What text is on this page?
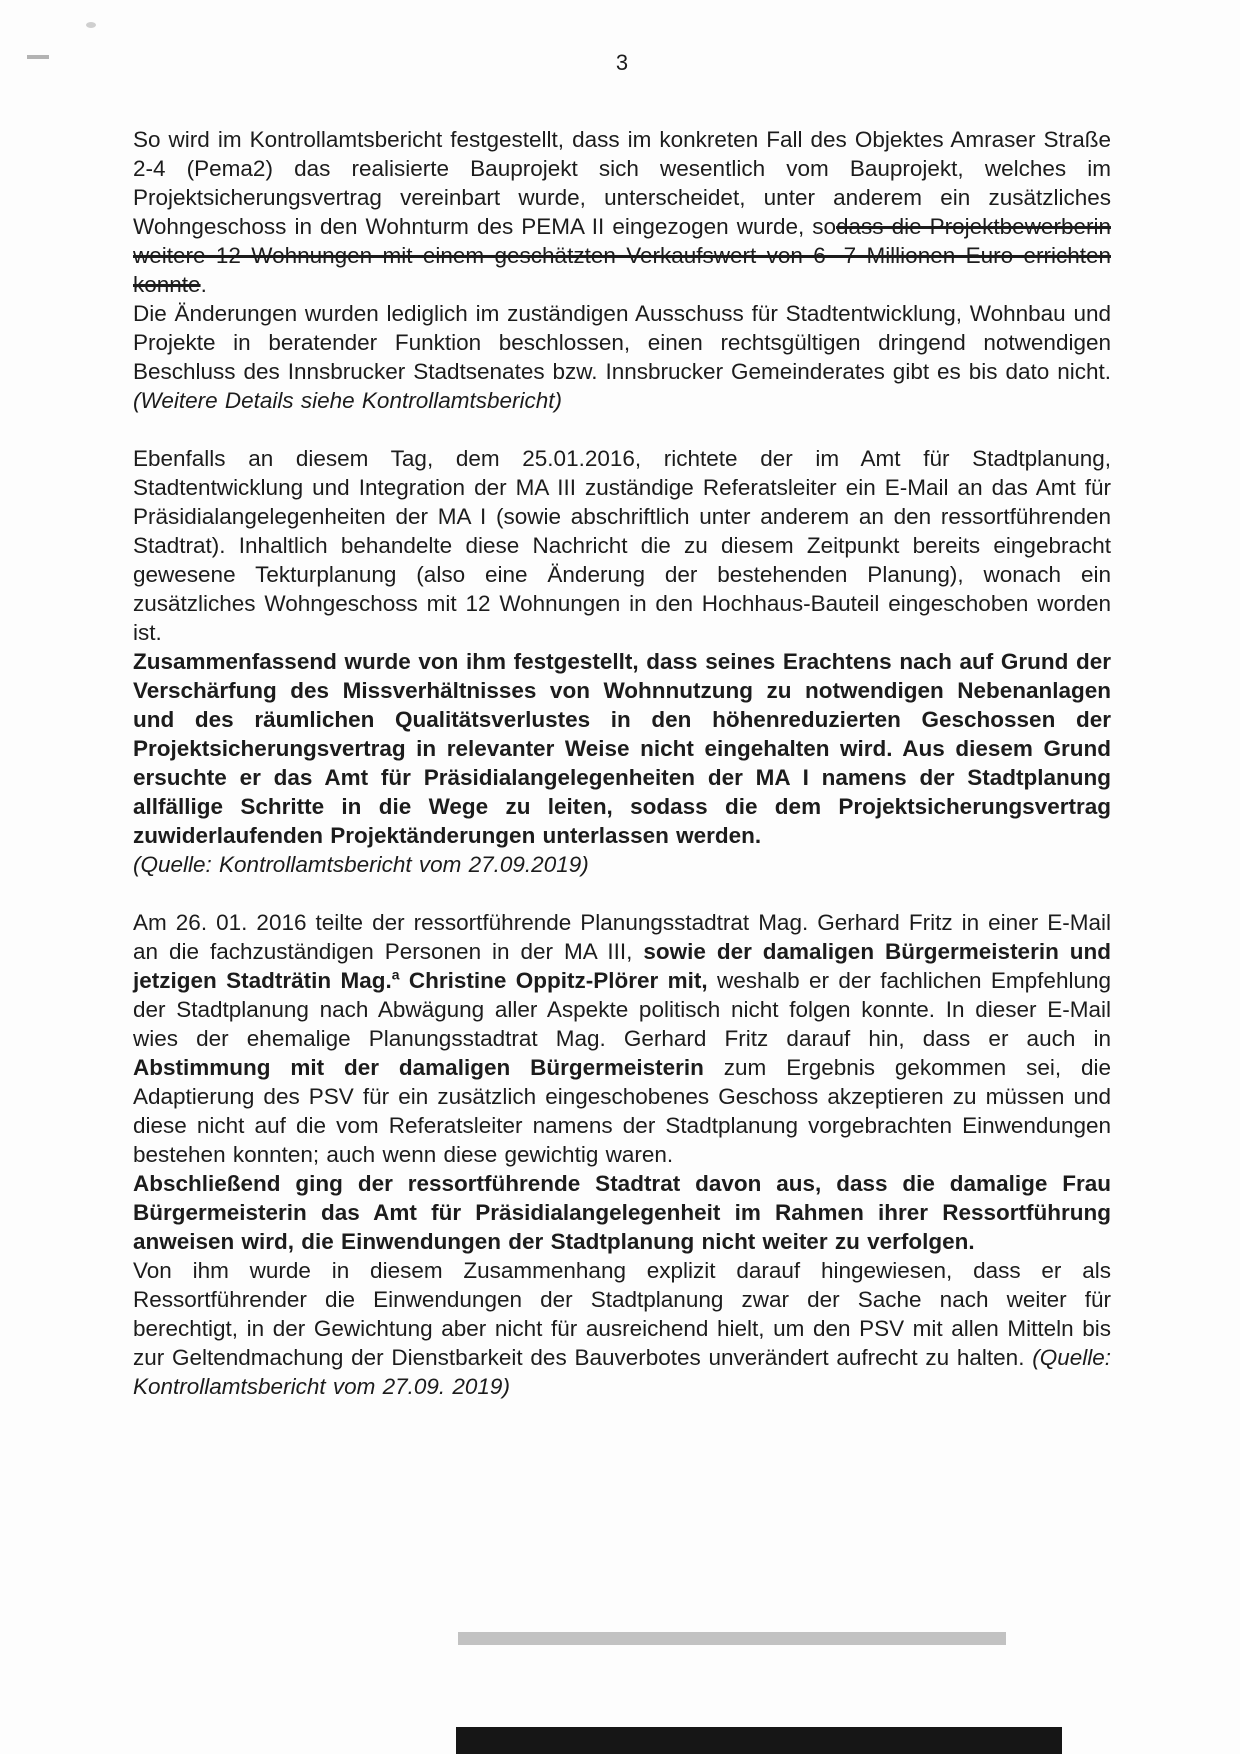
3

So wird im Kontrollamtsbericht festgestellt, dass im konkreten Fall des Objektes Amraser Straße 2-4 (Pema2) das realisierte Bauprojekt sich wesentlich vom Bauprojekt, welches im Projektsicherungsvertrag vereinbart wurde, unterscheidet, unter anderem ein zusätzliches Wohngeschoss in den Wohnturm des PEMA II eingezogen wurde, sodass die Projektbewerberin weitere 12 Wohnungen mit einem geschätzten Verkaufswert von 6 -7 Millionen Euro errichten konnte.

Die Änderungen wurden lediglich im zuständigen Ausschuss für Stadtentwicklung, Wohnbau und Projekte in beratender Funktion beschlossen, einen rechtsgültigen dringend notwendigen Beschluss des Innsbrucker Stadtsenates bzw. Innsbrucker Gemeinderates gibt es bis dato nicht. (Weitere Details siehe Kontrollamtsbericht)

Ebenfalls an diesem Tag, dem 25.01.2016, richtete der im Amt für Stadtplanung, Stadtentwicklung und Integration der MA III zuständige Referatsleiter ein E-Mail an das Amt für Präsidialangelegenheiten der MA I (sowie abschriftlich unter anderem an den ressortführenden Stadtrat). Inhaltlich behandelte diese Nachricht die zu diesem Zeitpunkt bereits eingebracht gewesene Tekturplanung (also eine Änderung der bestehenden Planung), wonach ein zusätzliches Wohngeschoss mit 12 Wohnungen in den Hochhaus-Bauteil eingeschoben worden ist.

Zusammenfassend wurde von ihm festgestellt, dass seines Erachtens nach auf Grund der Verschärfung des Missverhältnisses von Wohnnutzung zu notwendigen Nebenanlagen und des räumlichen Qualitätsverlustes in den höhenreduzierten Geschossen der Projektsicherungsvertrag in relevanter Weise nicht eingehalten wird. Aus diesem Grund ersuchte er das Amt für Präsidialangelegenheiten der MA I namens der Stadtplanung allfällige Schritte in die Wege zu leiten, sodass die dem Projektsicherungsvertrag zuwiderlaufenden Projektänderungen unterlassen werden.

(Quelle: Kontrollamtsbericht vom 27.09.2019)

Am 26. 01. 2016 teilte der ressortführende Planungsstadtrat Mag. Gerhard Fritz in einer E-Mail an die fachzuständigen Personen in der MA III, sowie der damaligen Bürgermeisterin und jetzigen Stadträtin Mag.$^a$ Christine Oppitz-Plörer mit, weshalb er der fachlichen Empfehlung der Stadtplanung nach Abwägung aller Aspekte politisch nicht folgen konnte. In dieser E-Mail wies der ehemalige Planungsstadtrat Mag. Gerhard Fritz darauf hin, dass er auch in Abstimmung mit der damaligen Bürgermeisterin zum Ergebnis gekommen sei, die Adaptierung des PSV für ein zusätzlich eingeschobenes Geschoss akzeptieren zu müssen und diese nicht auf die vom Referatsleiter namens der Stadtplanung vorgebrachten Einwendungen bestehen konnten; auch wenn diese gewichtig waren.

Abschließend ging der ressortführende Stadtrat davon aus, dass die damalige Frau Bürgermeisterin das Amt für Präsidialangelegenheit im Rahmen ihrer Ressortführung anweisen wird, die Einwendungen der Stadtplanung nicht weiter zu verfolgen.

Von ihm wurde in diesem Zusammenhang explizit darauf hingewiesen, dass er als Ressortführender die Einwendungen der Stadtplanung zwar der Sache nach weiter für berechtigt, in der Gewichtung aber nicht für ausreichend hielt, um den PSV mit allen Mitteln bis zur Geltendmachung der Dienstbarkeit des Bauverbotes unverändert aufrecht zu halten. (Quelle: Kontrollamtsbericht vom 27.09. 2019)
